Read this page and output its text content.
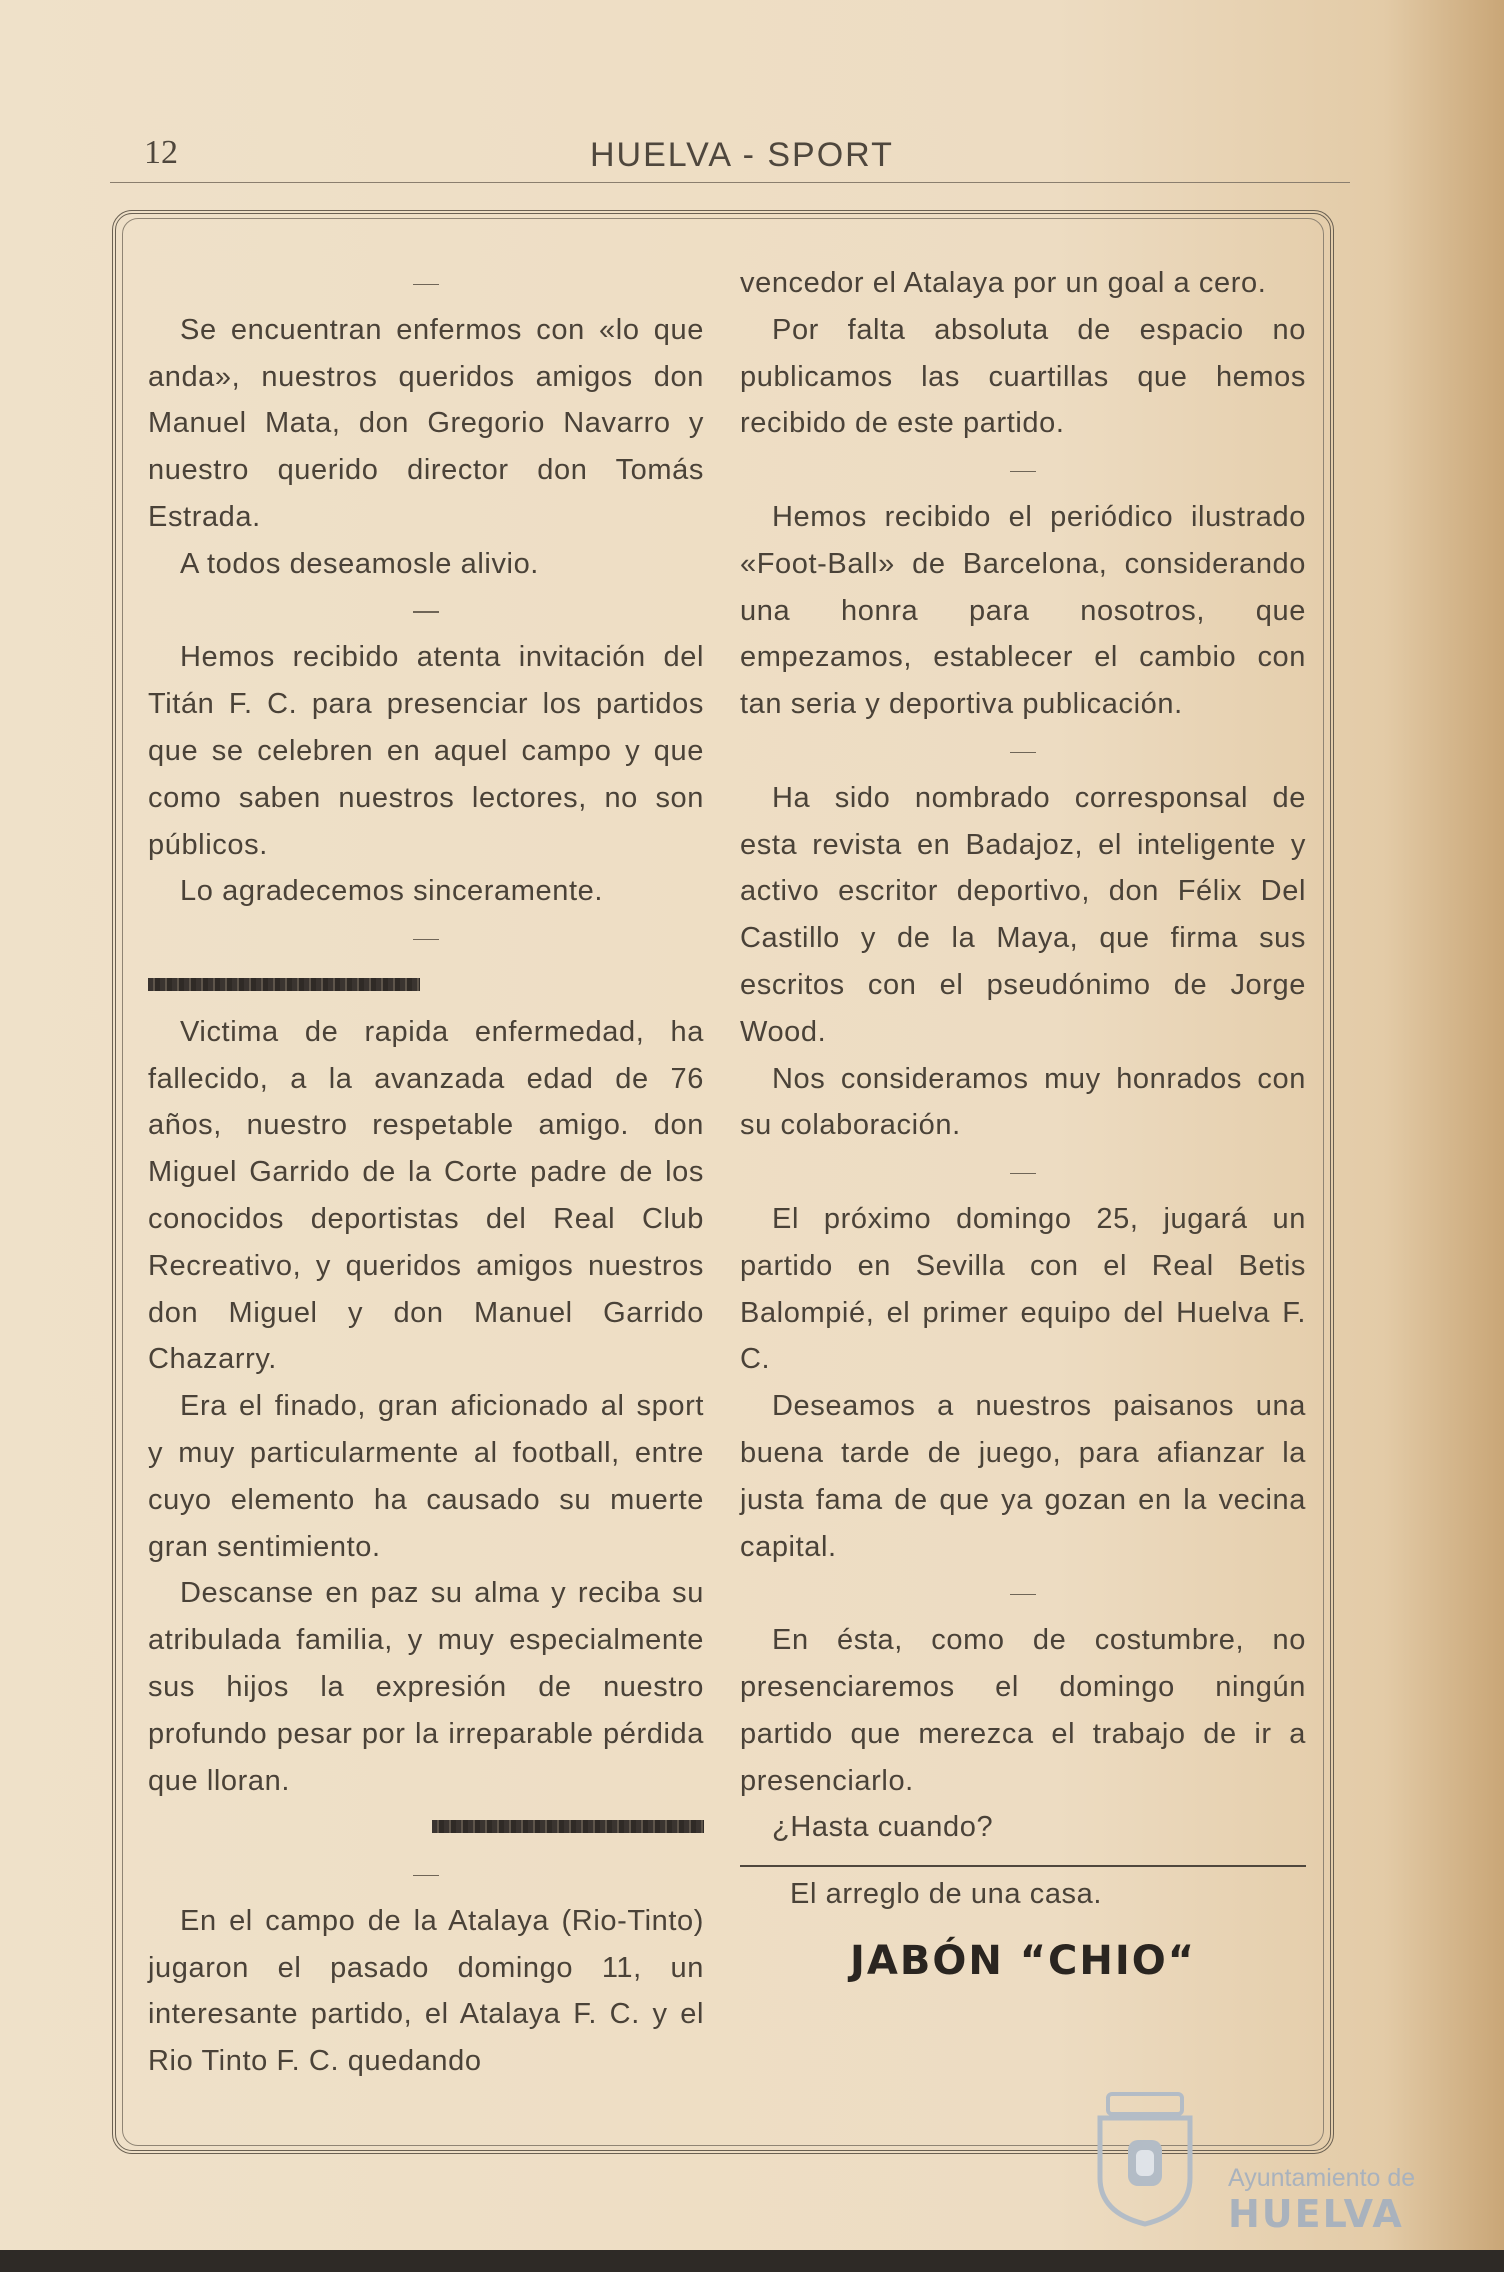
12	HUELVA - SPORT

Se encuentran enfermos con «lo que anda», nuestros queridos amigos don Manuel Mata, don Gregorio Navarro y nuestro querido director don Tomás Estrada.

A todos deseamosle alivio.

Hemos recibido atenta invitación del Titán F. C. para presenciar los partidos que se celebren en aquel campo y que como saben nuestros lectores, no son públicos.

Lo agradecemos sinceramente.

Victima de rapida enfermedad, ha fallecido, a la avanzada edad de 76 años, nuestro respetable amigo. don Miguel Garrido de la Corte padre de los conocidos deportistas del Real Club Recreativo, y queridos amigos nuestros don Miguel y don Manuel Garrido Chazarry.

Era el finado, gran aficionado al sport y muy particularmente al football, entre cuyo elemento ha causado su muerte gran sentimiento.

Descanse en paz su alma y reciba su atribulada familia, y muy especialmente sus hijos la expresión de nuestro profundo pesar por la irreparable pérdida que lloran.

En el campo de la Atalaya (Rio-Tinto) jugaron el pasado domingo 11, un interesante partido, el Atalaya F. C. y el Rio Tinto F. C. quedando

vencedor el Atalaya por un goal a cero.

Por falta absoluta de espacio no publicamos las cuartillas que hemos recibido de este partido.

Hemos recibido el periódico ilustrado «Foot-Ball» de Barcelona, considerando una honra para nosotros, que empezamos, establecer el cambio con tan seria y deportiva publicación.

Ha sido nombrado corresponsal de esta revista en Badajoz, el inteligente y activo escritor deportivo, don Félix Del Castillo y de la Maya, que firma sus escritos con el pseudónimo de Jorge Wood.

Nos consideramos muy honrados con su colaboración.

El próximo domingo 25, jugará un partido en Sevilla con el Real Betis Balompié, el primer equipo del Huelva F. C.

Deseamos a nuestros paisanos una buena tarde de juego, para afianzar la justa fama de que ya gozan en la vecina capital.

En ésta, como de costumbre, no presenciaremos el domingo ningún partido que merezca el trabajo de ir a presenciarlo.

¿Hasta cuando?

El arreglo de una casa.

JABÓN “CHIO“

Ayuntamiento de
HUELVA
